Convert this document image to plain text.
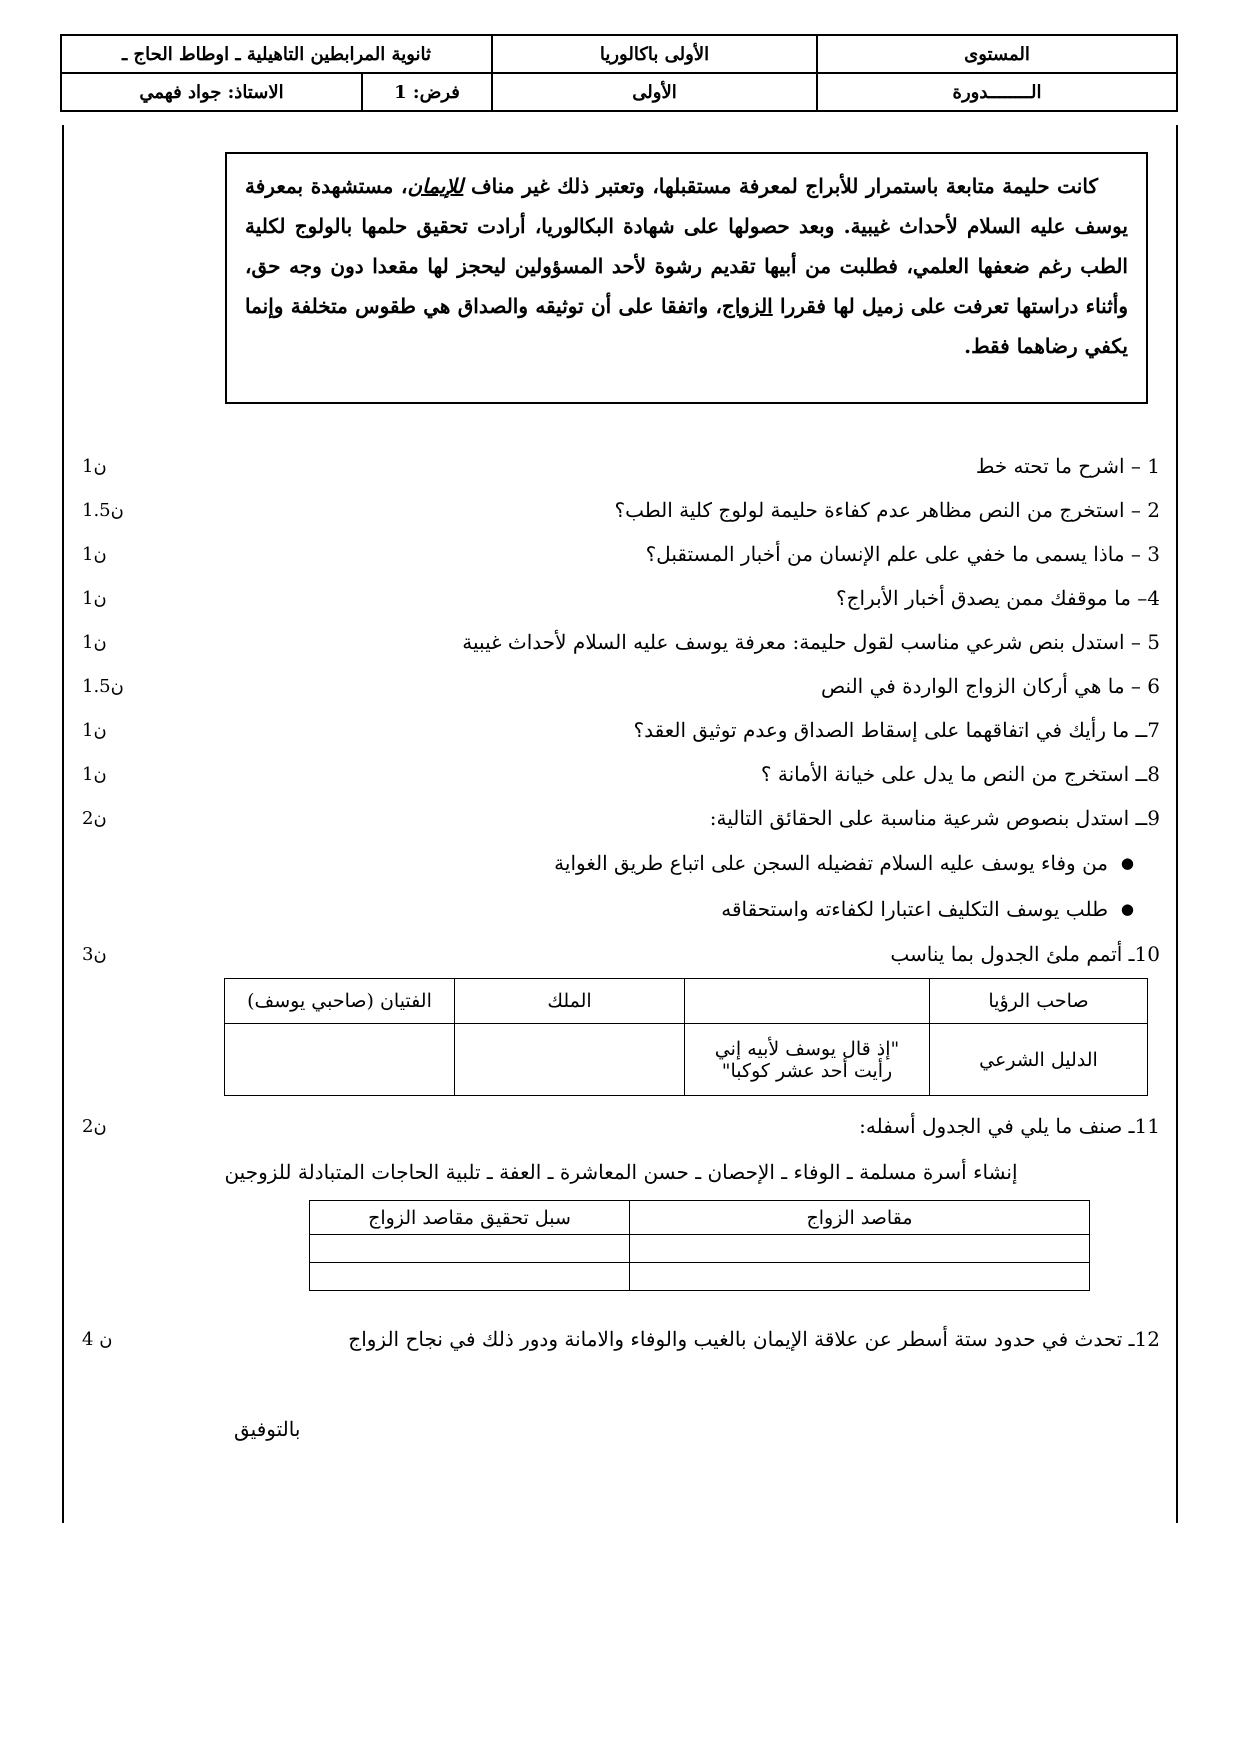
المستوى	الأولى باكالوريا	ثانوية المرابطين التاهيلية ـ اوطاط الحاج ـ	
الــــــــدورة	الأولى	فرض: 1	الاستاذ: جواد فهمي
كانت حليمة متابعة باستمرار للأبراج لمعرفة مستقبلها، وتعتبر ذلك غير مناف للإيمان، مستشهدة بمعرفة يوسف عليه السلام لأحداث غيبية. وبعد حصولها على شهادة البكالوريا، أرادت تحقيق حلمها بالولوج لكلية الطب رغم ضعفها العلمي، فطلبت من أبيها تقديم رشوة لأحد المسؤولين ليحجز لها مقعدا دون وجه حق، وأثناء دراستها تعرفت على زميل لها فقررا الزواج، واتفقا على أن توثيقه والصداق هي طقوس متخلفة وإنما يكفي رضاهما فقط.
1 – اشرح ما تحته خط
1ن
2 – استخرج من النص مظاهر عدم كفاءة حليمة لولوج كلية الطب؟
1.5ن
3 – ماذا يسمى ما خفي على علم الإنسان من أخبار المستقبل؟
1ن
4– ما موقفك ممن يصدق أخبار الأبراج؟
1ن
5 – استدل بنص شرعي مناسب لقول حليمة: معرفة يوسف عليه السلام لأحداث غيبية
1ن
6 – ما هي أركان الزواج الواردة في النص
1.5ن
7ــ ما رأيك في اتفاقهما على إسقاط الصداق وعدم توثيق العقد؟
1ن
8ــ استخرج من النص ما يدل على خيانة الأمانة ؟
1ن
9ــ استدل بنصوص شرعية مناسبة على الحقائق التالية:
2ن
●
من وفاء يوسف عليه السلام تفضيله السجن على اتباع طريق الغواية
●
طلب يوسف التكليف اعتبارا لكفاءته واستحقاقه
10ـ أتمم ملئ الجدول بما يناسب
3ن
صاحب الرؤيا		الملك	الفتيان (صاحبي يوسف)
الدليل الشرعي	"إذ قال يوسف لأبيه إني رأيت أحد عشر كوكبا"		
11ـ صنف ما يلي في الجدول أسفله:
2ن
إنشاء أسرة مسلمة ـ الوفاء ـ الإحصان ـ حسن المعاشرة ـ العفة ـ تلبية الحاجات المتبادلة للزوجين
مقاصد الزواج	سبل تحقيق مقاصد الزواج

12ـ تحدث في حدود ستة أسطر عن علاقة الإيمان بالغيب والوفاء والامانة ودور ذلك في نجاح الزواج
4 ن
بالتوفيق
